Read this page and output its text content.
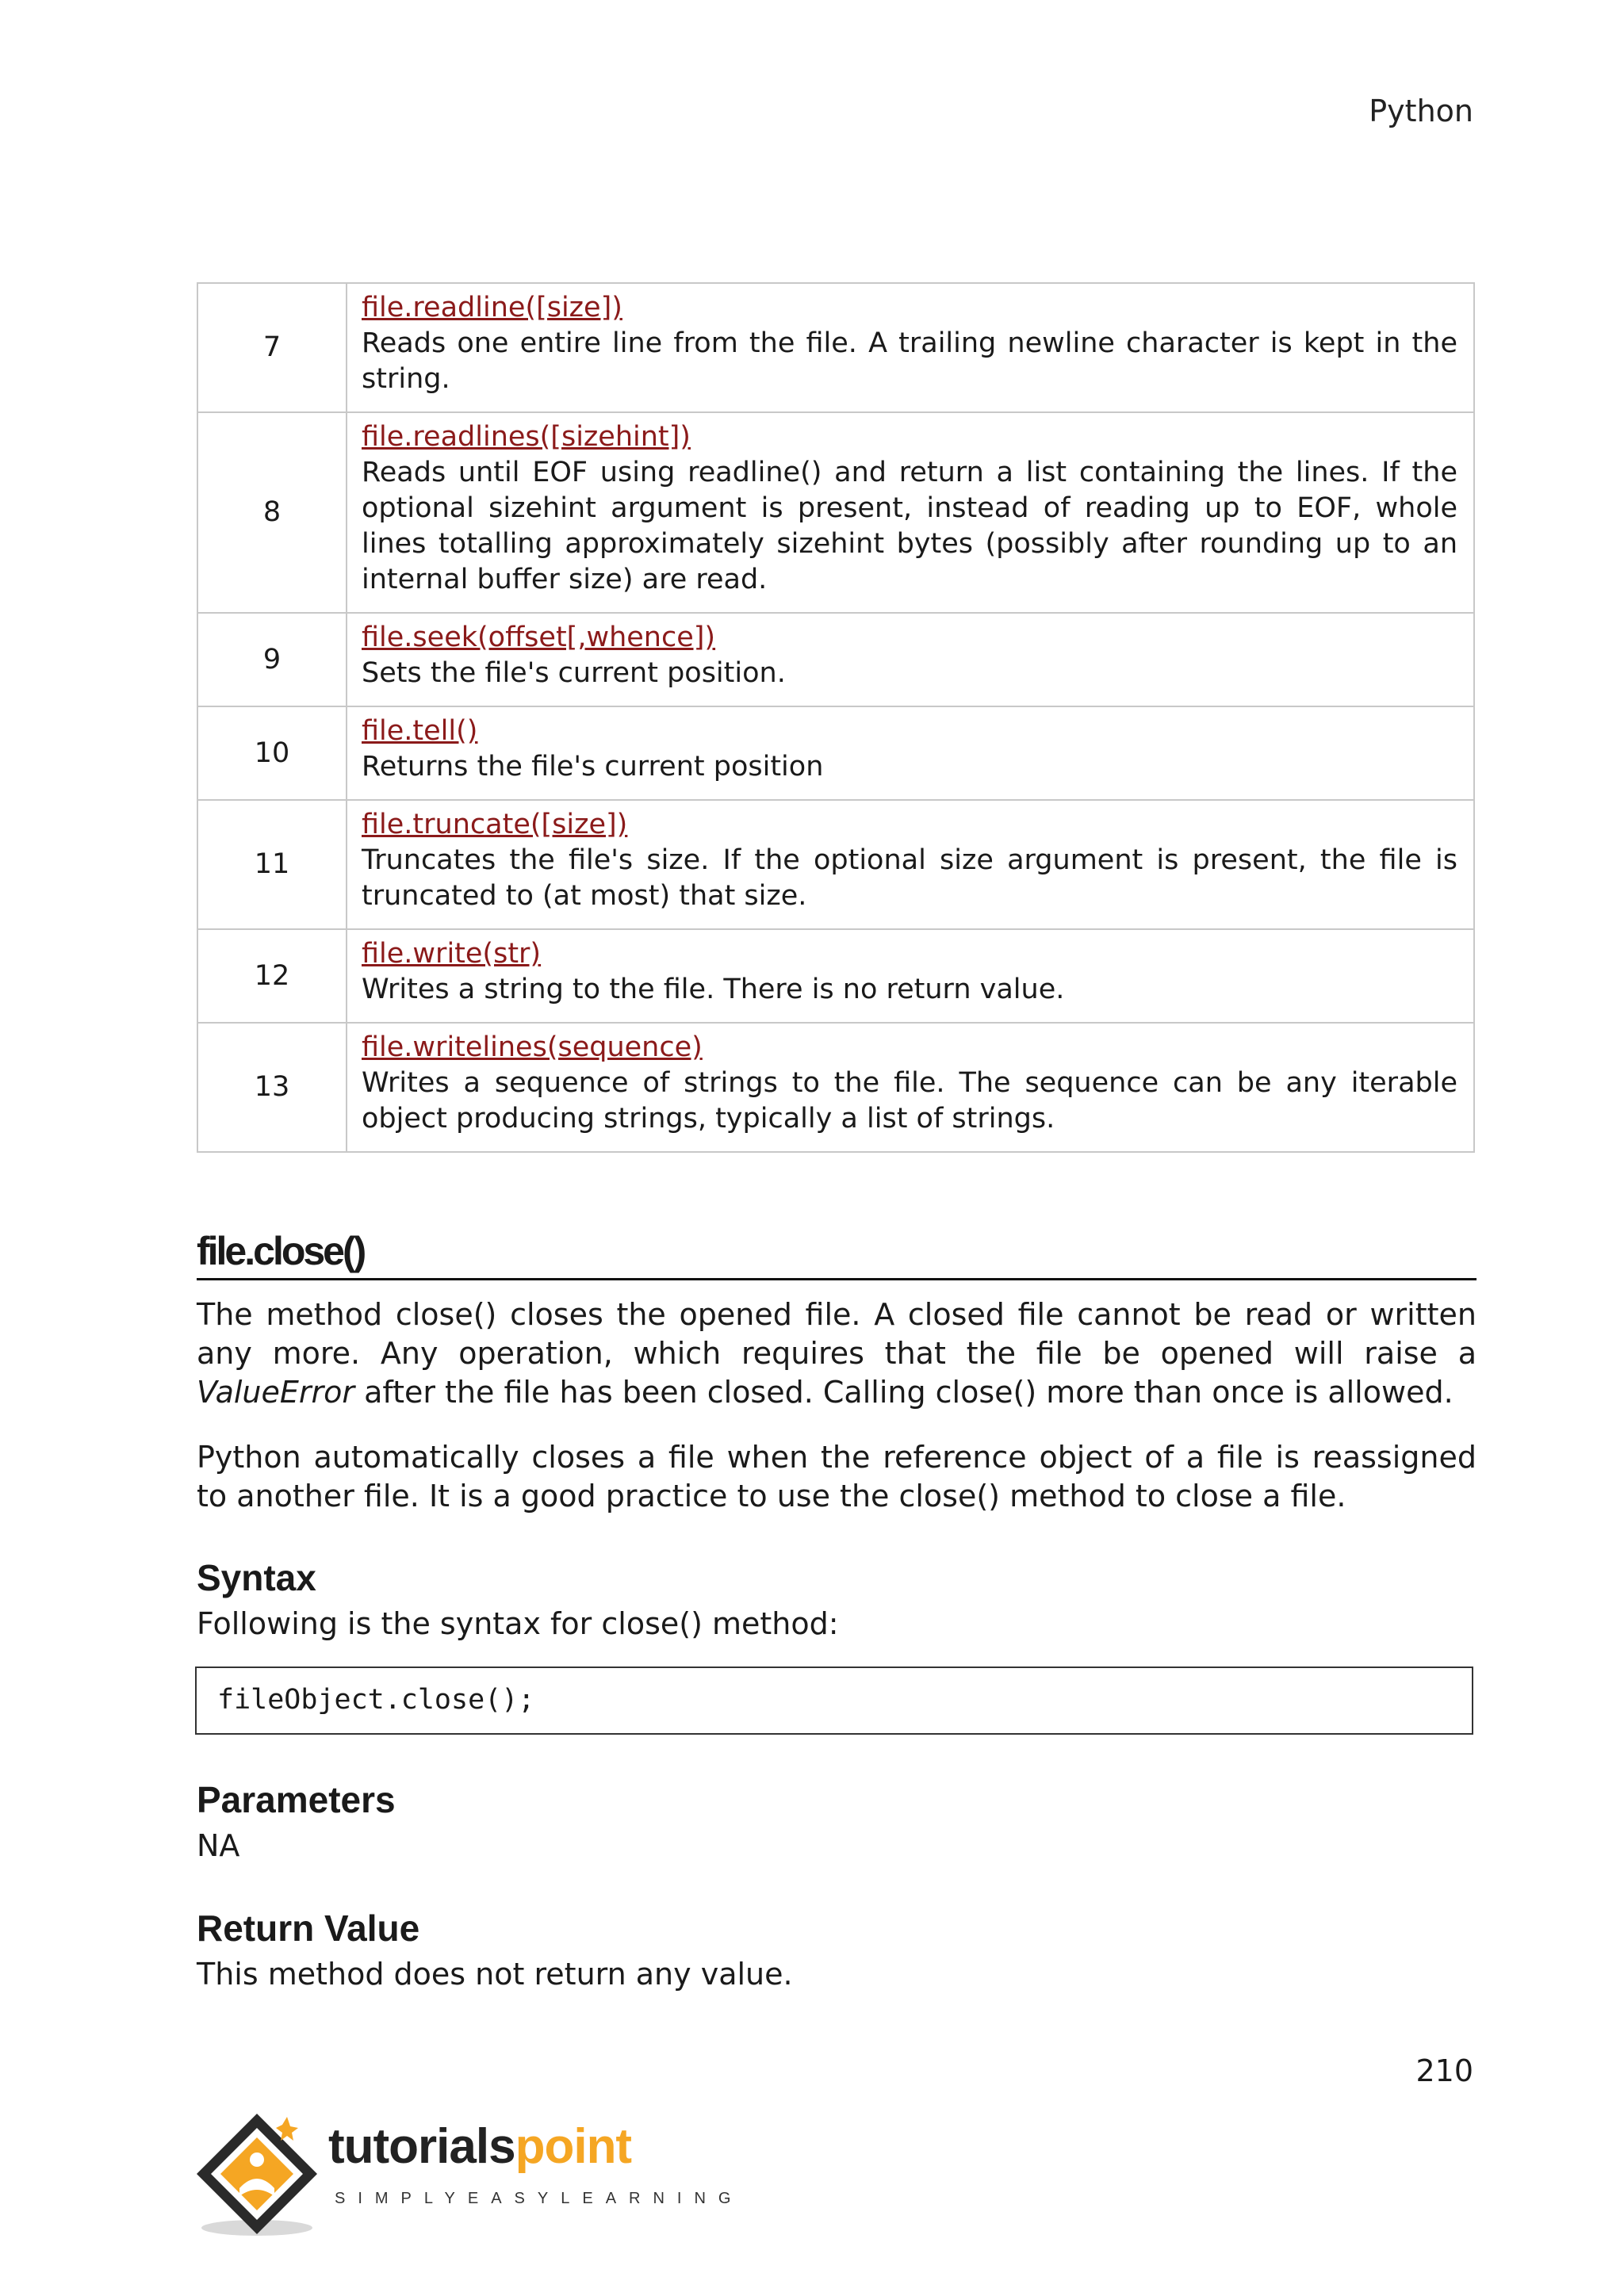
Python
7	file.readline([size])
Reads one entire line from the file. A trailing newline character is kept in the string.
8	file.readlines([sizehint])
Reads until EOF using readline() and return a list containing the lines. If the optional sizehint argument is present, instead of reading up to EOF, whole lines totalling approximately sizehint bytes (possibly after rounding up to an internal buffer size) are read.
9	file.seek(offset[,whence])
Sets the file's current position.
10	file.tell()
Returns the file's current position
11	file.truncate([size])
Truncates the file's size. If the optional size argument is present, the file is truncated to (at most) that size.
12	file.write(str)
Writes a string to the file. There is no return value.
13	file.writelines(sequence)
Writes a sequence of strings to the file. The sequence can be any iterable object producing strings, typically a list of strings.
file.close()

The method close() closes the opened file. A closed file cannot be read or written any more. Any operation, which requires that the file be opened will raise a ValueError after the file has been closed. Calling close() more than once is allowed.

Python automatically closes a file when the reference object of a file is reassigned to another file. It is a good practice to use the close() method to close a file.

Syntax

Following is the syntax for close() method:

fileObject.close();
Parameters

NA

Return Value

This method does not return any value.

210
tutorialspoint
SIMPLYEASYLEARNING
